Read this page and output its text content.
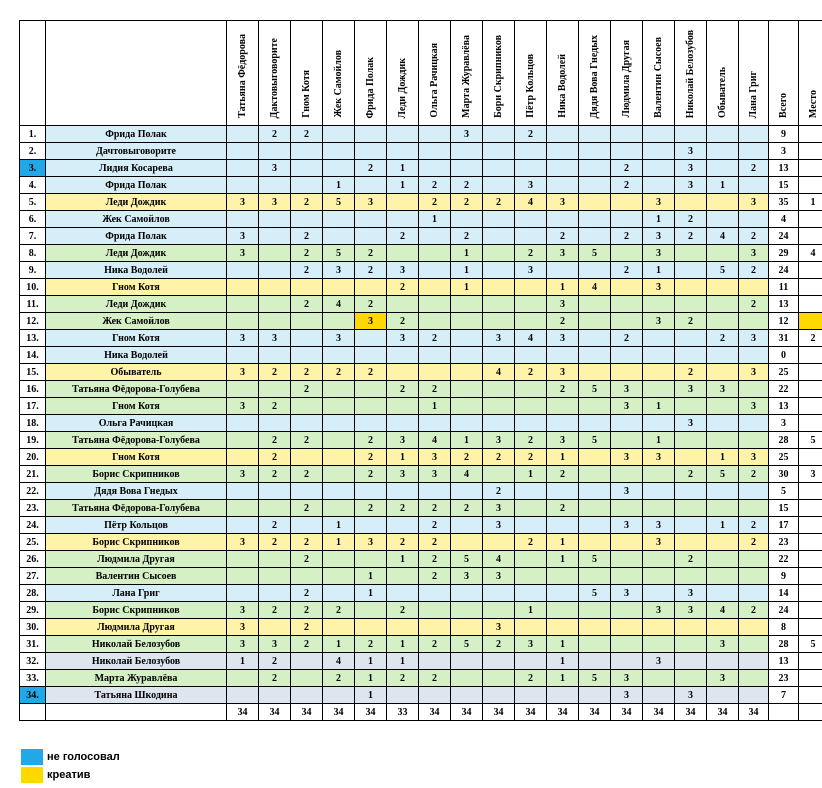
		Татьяна Фёдорова	Дактовыговорите	Гном Котя	Жек Самойлов	Фрида Полак	Леди Дождик	Ольга Рачицкая	Марта Журавлёва	Бори Скрипников	Пётр Кольцов	Ника Водолей	Дядя Вова Гнедых	Людмила Другая	Валентин Сысоев	Николай Белозубов	Обыватель	Лана Григ	Всего	Место
1.	Фрида Полак		2	2					3		2								9	
2.	Дачтовыговорите															3			3	
3.	Лидия Косарева		3			2	1							2		3		2	13	
4.	Фрида Полак				1		1	2	2		3			2		3	1		15	
5.	Леди Дождик	3	3	2	5	3		2	2	2	4	3			3			3	35	1
6.	Жек Самойлов							1							1	2			4	
7.	Фрида Полак	3		2			2		2			2		2	3	2	4	2	24	
8.	Леди Дождик	3		2	5	2			1		2	3	5		3			3	29	4
9.	Ника Водолей			2	3	2	3		1		3			2	1		5	2	24	
10.	Гном Котя						2		1			1	4		3				11	
11.	Леди Дождик			2	4	2						3						2	13	
12.	Жек Самойлов					3	2					2			3	2			12	
13.	Гном Котя	3	3		3		3	2		3	4	3		2			2	3	31	2
14.	Ника Водолей																		0	
15.	Обыватель	3	2	2	2	2				4	2	3				2		3	25	
16.	Татьяна Фёдорова-Голубева			2			2	2				2	5	3		3	3		22	
17.	Гном Котя	3	2					1						3	1			3	13	
18.	Ольга Рачицкая															3			3	
19.	Татьяна Фёдорова-Голубева		2	2		2	3	4	1	3	2	3	5		1				28	5
20.	Гном Котя		2			2	1	3	2	2	2	1		3	3		1	3	25	
21.	Борис Скрипников	3	2	2		2	3	3	4		1	2				2	5	2	30	3
22.	Дядя Вова Гнедых									2				3					5	
23.	Татьяна Фёдорова-Голубева			2		2	2	2	2	3		2							15	
24.	Пётр Кольцов		2		1			2		3				3	3		1	2	17	
25.	Борис Скрипников	3	2	2	1	3	2	2			2	1			3			2	23	
26.	Людмила Другая			2			1	2	5	4		1	5			2			22	
27.	Валентин Сысоев					1		2	3	3									9	
28.	Лана Григ			2		1							5	3		3			14	
29.	Борис Скрипников	3	2	2	2		2				1				3	3	4	2	24	
30.	Людмила Другая	3		2						3									8	
31.	Николай Белозубов	3	3	2	1	2	1	2	5	2	3	1					3		28	5
32.	Николай Белозубов	1	2		4	1	1					1			3				13	
33.	Марта Журавлёва		2		2	1	2	2			2	1	5	3			3		23	
34.	Татьяна Шкодина					1								3		3			7	
		34	34	34	34	34	33	34	34	34	34	34	34	34	34	34	34	34		
не голосовал
креатив
